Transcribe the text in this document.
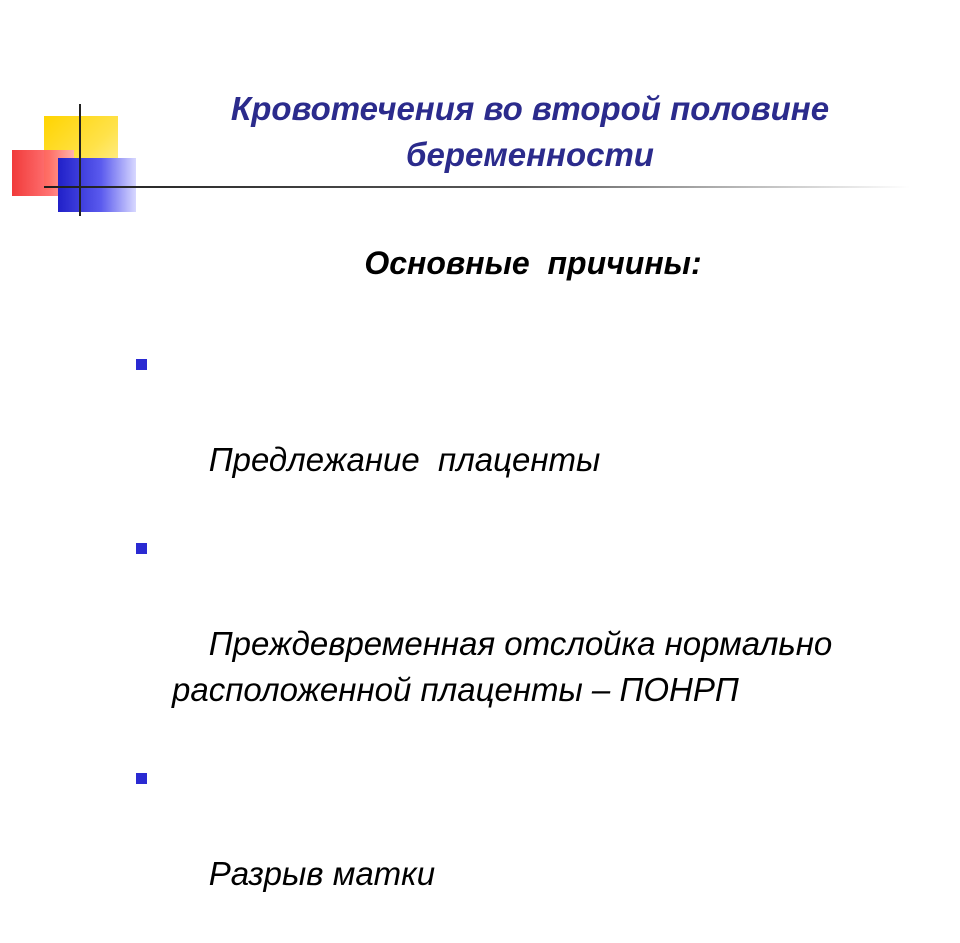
Кровотечения во второй половине
беременности
Основные  причины:

Предлежание  плаценты

Преждевременная отслойка нормально
расположенной плаценты – ПОНРП

Разрыв матки
